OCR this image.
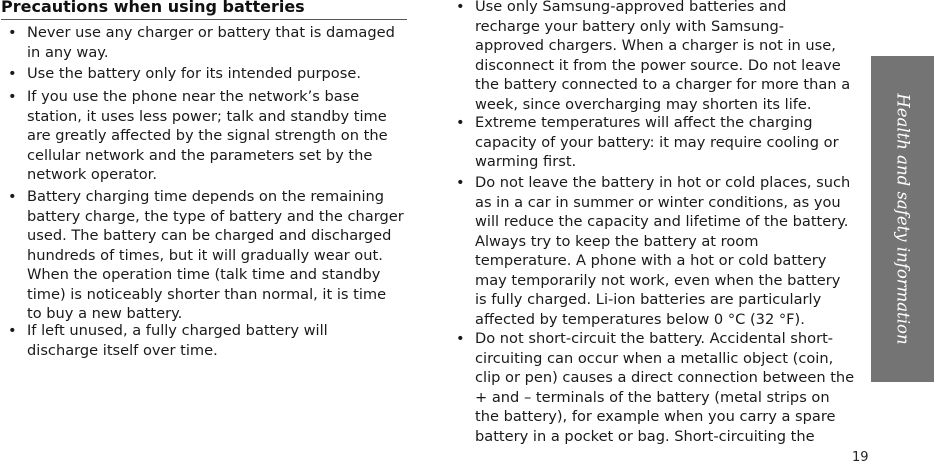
Precautions when using batteries
• Never use any charger or battery that is damaged
in any way.
• Use the battery only for its intended purpose.
• If you use the phone near the network’s base
station, it uses less power; talk and standby time
are greatly affected by the signal strength on the
cellular network and the parameters set by the
network operator.
• Battery charging time depends on the remaining
battery charge, the type of battery and the charger
used. The battery can be charged and discharged
hundreds of times, but it will gradually wear out.
When the operation time (talk time and standby
time) is noticeably shorter than normal, it is time
to buy a new battery.
• If left unused, a fully charged battery will
discharge itself over time.
• Use only Samsung-approved batteries and
recharge your battery only with Samsung-
approved chargers. When a charger is not in use,
disconnect it from the power source. Do not leave
the battery connected to a charger for more than a
week, since overcharging may shorten its life.
• Extreme temperatures will affect the charging
capacity of your battery: it may require cooling or
warming first.
• Do not leave the battery in hot or cold places, such
as in a car in summer or winter conditions, as you
will reduce the capacity and lifetime of the battery.
Always try to keep the battery at room
temperature. A phone with a hot or cold battery
may temporarily not work, even when the battery
is fully charged. Li-ion batteries are particularly
affected by temperatures below 0 °C (32 °F).
• Do not short-circuit the battery. Accidental short-
circuiting can occur when a metallic object (coin,
clip or pen) causes a direct connection between the
+ and – terminals of the battery (metal strips on
the battery), for example when you carry a spare
battery in a pocket or bag. Short-circuiting the
Health and safety information
19
